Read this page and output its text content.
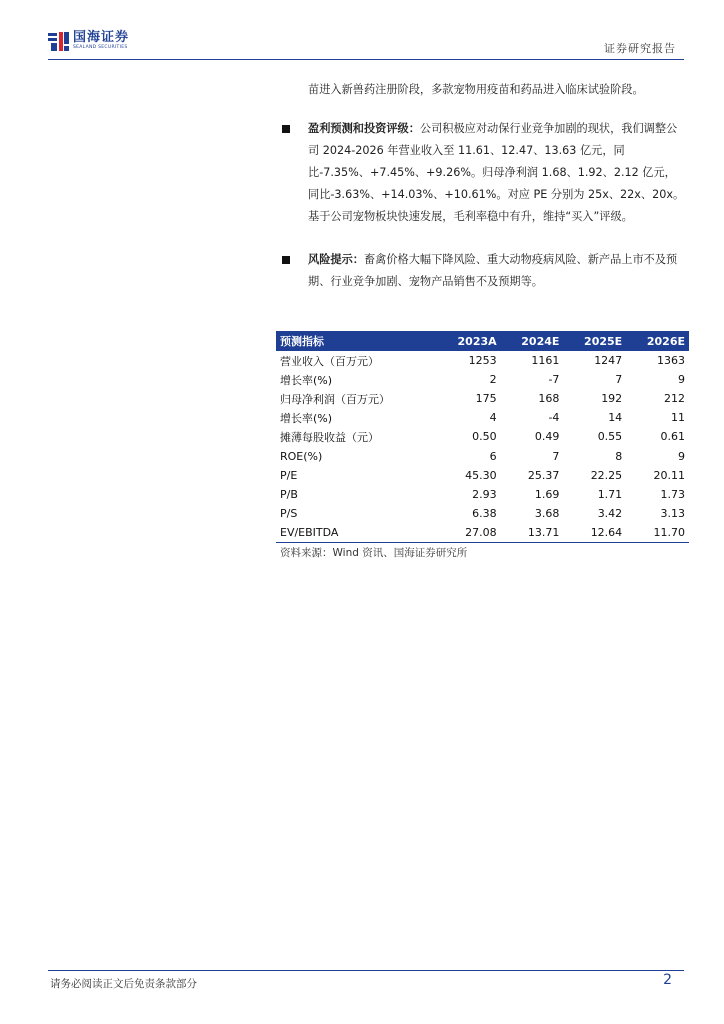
国海证券
SEALAND SECURITIES	证券研究报告
苗进入新兽药注册阶段，多款宠物用疫苗和药品进入临床试验阶段。
盈利预测和投资评级：公司积极应对动保行业竞争加剧的现状，我们调整公司 2024-2026 年营业收入至 11.61、12.47、13.63 亿元，同比-7.35%、+7.45%、+9.26%。归母净利润 1.68、1.92、2.12 亿元，同比-3.63%、+14.03%、+10.61%。对应 PE 分别为 25x、22x、20x。基于公司宠物板块快速发展，毛利率稳中有升，维持“买入”评级。
风险提示：畜禽价格大幅下降风险、重大动物疫病风险、新产品上市不及预期、行业竞争加剧、宠物产品销售不及预期等。
预测指标	2023A	2024E	2025E	2026E
营业收入（百万元）	1253	1161	1247	1363
增长率(%)	2	-7	7	9
归母净利润（百万元）	175	168	192	212
增长率(%)	4	-4	14	11
摊薄每股收益（元）	0.50	0.49	0.55	0.61
ROE(%)	6	7	8	9
P/E	45.30	25.37	22.25	20.11
P/B	2.93	1.69	1.71	1.73
P/S	6.38	3.68	3.42	3.13
EV/EBITDA	27.08	13.71	12.64	11.70
资料来源：Wind 资讯、国海证券研究所
请务必阅读正文后免责条款部分	2
